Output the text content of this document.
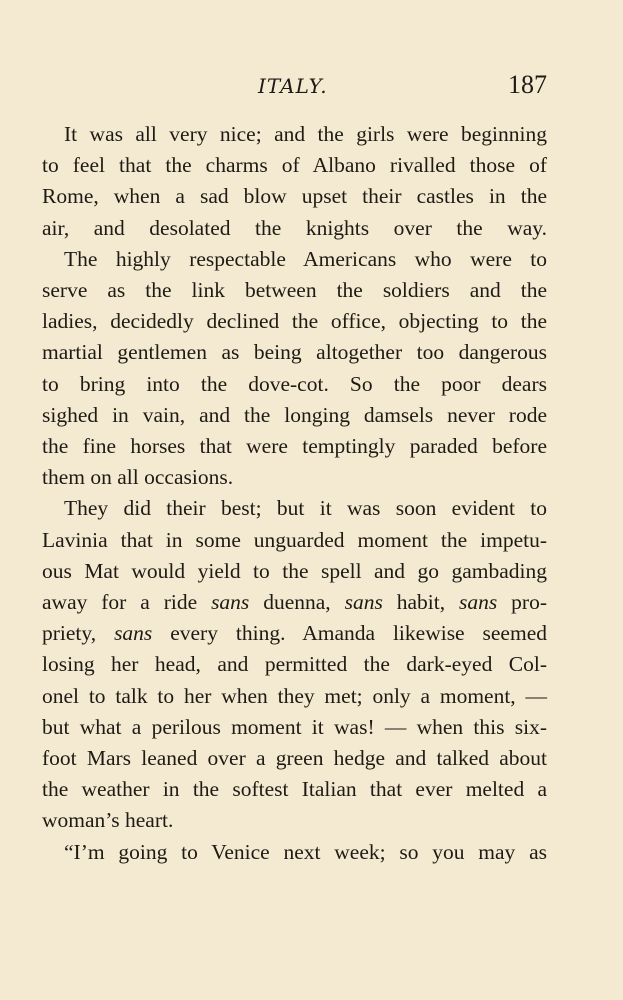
ITALY.	187

It was all very nice; and the girls were beginning
to feel that the charms of Albano rivalled those of
Rome, when a sad blow upset their castles in the
air, and desolated the knights over the way.

The highly respectable Americans who were to
serve as the link between the soldiers and the
ladies, decidedly declined the office, objecting to the
martial gentlemen as being altogether too dangerous
to bring into the dove-cot. So the poor dears
sighed in vain, and the longing damsels never rode
the fine horses that were temptingly paraded before
them on all occasions.

They did their best; but it was soon evident to
Lavinia that in some unguarded moment the impetu-
ous Mat would yield to the spell and go gambading
away for a ride sans duenna, sans habit, sans pro-
priety, sans every thing. Amanda likewise seemed
losing her head, and permitted the dark-eyed Col-
onel to talk to her when they met; only a moment, —
but what a perilous moment it was! — when this six-
foot Mars leaned over a green hedge and talked about
the weather in the softest Italian that ever melted a
woman’s heart.

“I’m going to Venice next week; so you may as
